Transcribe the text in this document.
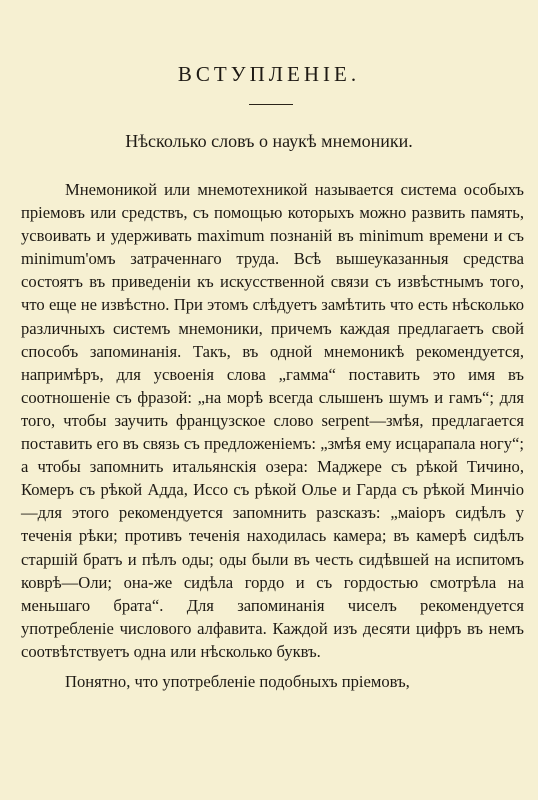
ВСТУПЛЕНІЕ.
Нѣсколько словъ о наукѣ мнемоники.

Мнемоникой или мнемотехникой называется система особыхъ пріемовъ или средствъ, съ помощью которыхъ можно развить память, усвоивать и удерживать maximum познаній въ minimum времени и съ minimum'омъ затраченнаго труда. Всѣ вышеуказанныя средства состоятъ въ приведеніи къ искусственной связи съ извѣстнымъ того, что еще не извѣстно. При этомъ слѣдуетъ замѣтить что есть нѣсколько различныхъ системъ мнемоники, причемъ каждая предлагаетъ свой способъ запоминанія. Такъ, въ одной мнемоникѣ рекомендуется, напримѣръ, для усвоенія слова „гамма“ поставить это имя въ соотношеніе съ фразой: „на морѣ всегда слышенъ шумъ и гамъ“; для того, чтобы заучить французское слово serpent—змѣя, предлагается поставить его въ связь съ предложеніемъ: „змѣя ему исцарапала ногу“; а чтобы запомнить итальянскія озера: Маджере съ рѣкой Тичино, Комеръ съ рѣкой Адда, Иссо съ рѣкой Олье и Гарда съ рѣкой Минчіо—для этого рекомендуется запомнить разсказъ: „маіоръ сидѣлъ у теченія рѣки; противъ теченія находилась камера; въ камерѣ сидѣлъ старшій братъ и пѣлъ оды; оды были въ честь сидѣвшей на испитомъ коврѣ—Оли; она-же сидѣла гордо и съ гордостью смотрѣла на меньшаго брата“. Для запоминанія чиселъ рекомендуется употребленіе числового алфавита. Каждой изъ десяти цифръ въ немъ соотвѣтствуетъ одна или нѣсколько буквъ.

Понятно, что употребленіе подобныхъ пріемовъ,
